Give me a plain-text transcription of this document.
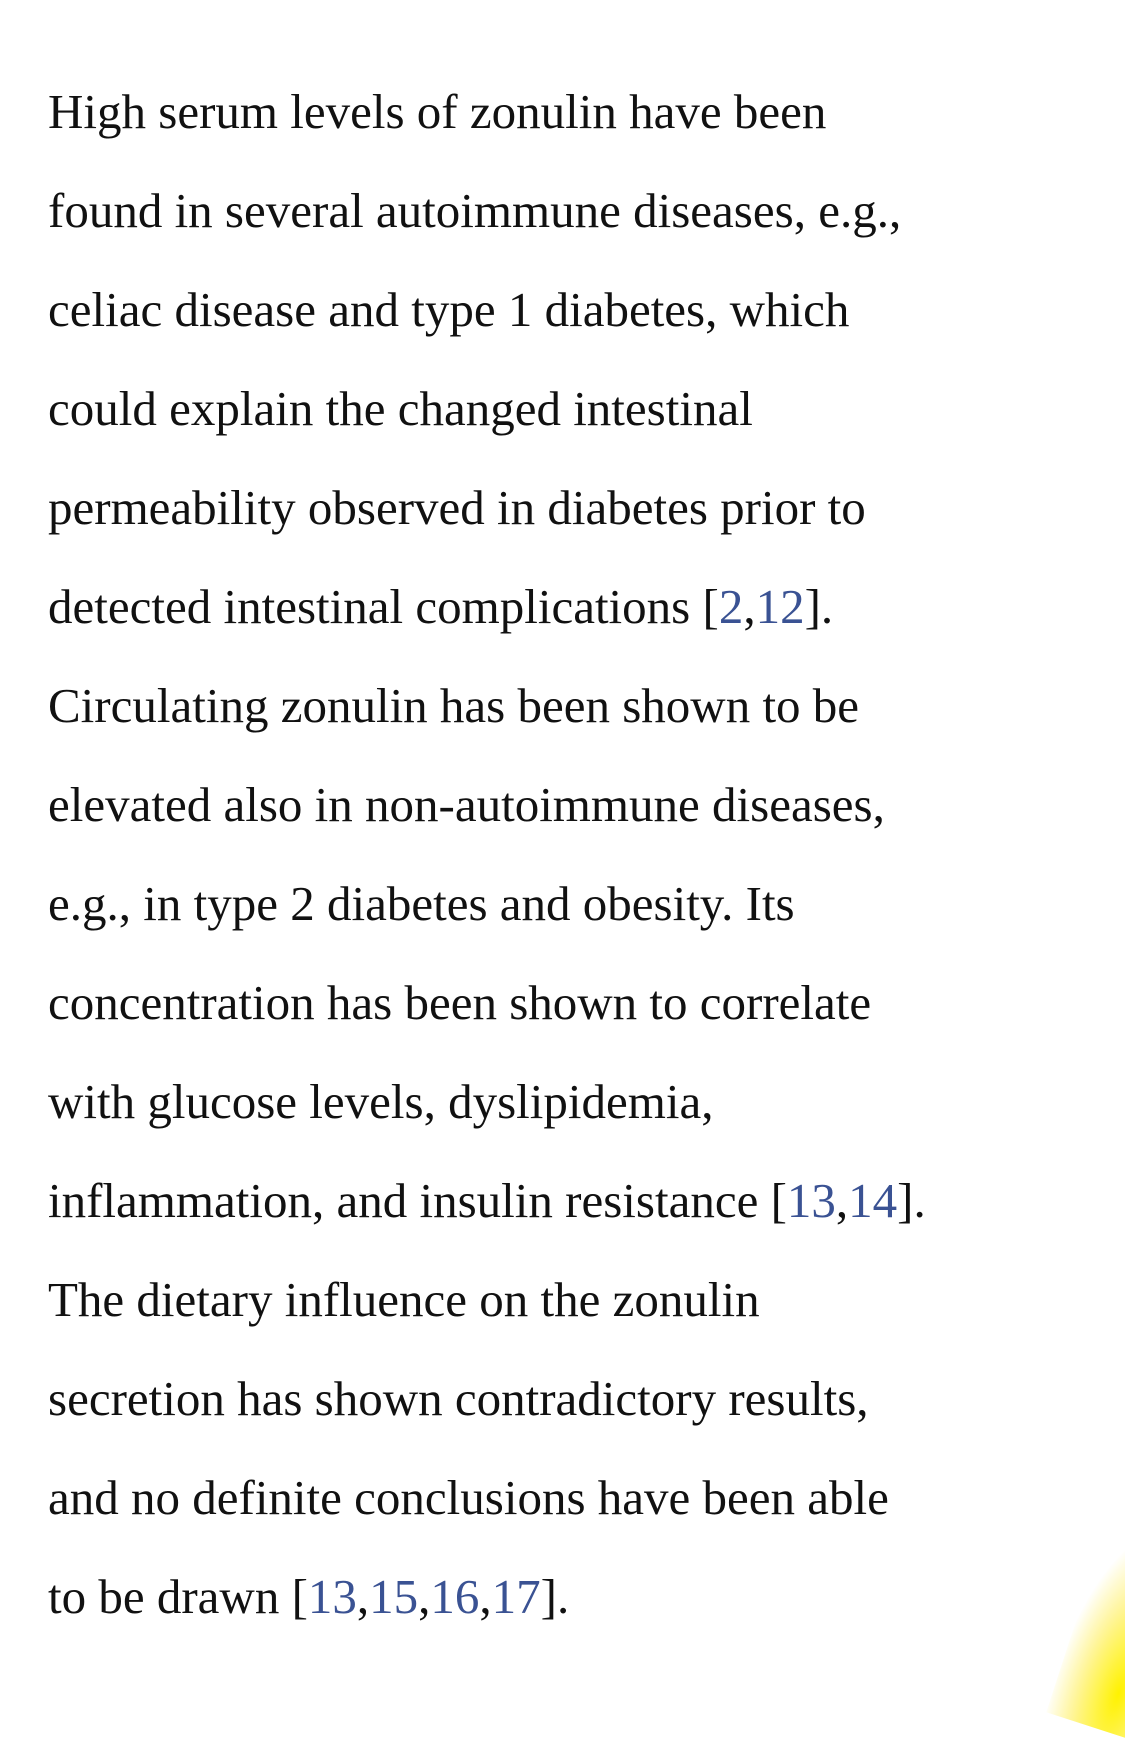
High serum levels of zonulin have been
found in several autoimmune diseases, e.g.,
celiac disease and type 1 diabetes, which
could explain the changed intestinal
permeability observed in diabetes prior to
detected intestinal complications [2,12].
Circulating zonulin has been shown to be
elevated also in non-autoimmune diseases,
e.g., in type 2 diabetes and obesity. Its
concentration has been shown to correlate
with glucose levels, dyslipidemia,
inflammation, and insulin resistance [13,14].
The dietary influence on the zonulin
secretion has shown contradictory results,
and no definite conclusions have been able
to be drawn [13,15,16,17].
